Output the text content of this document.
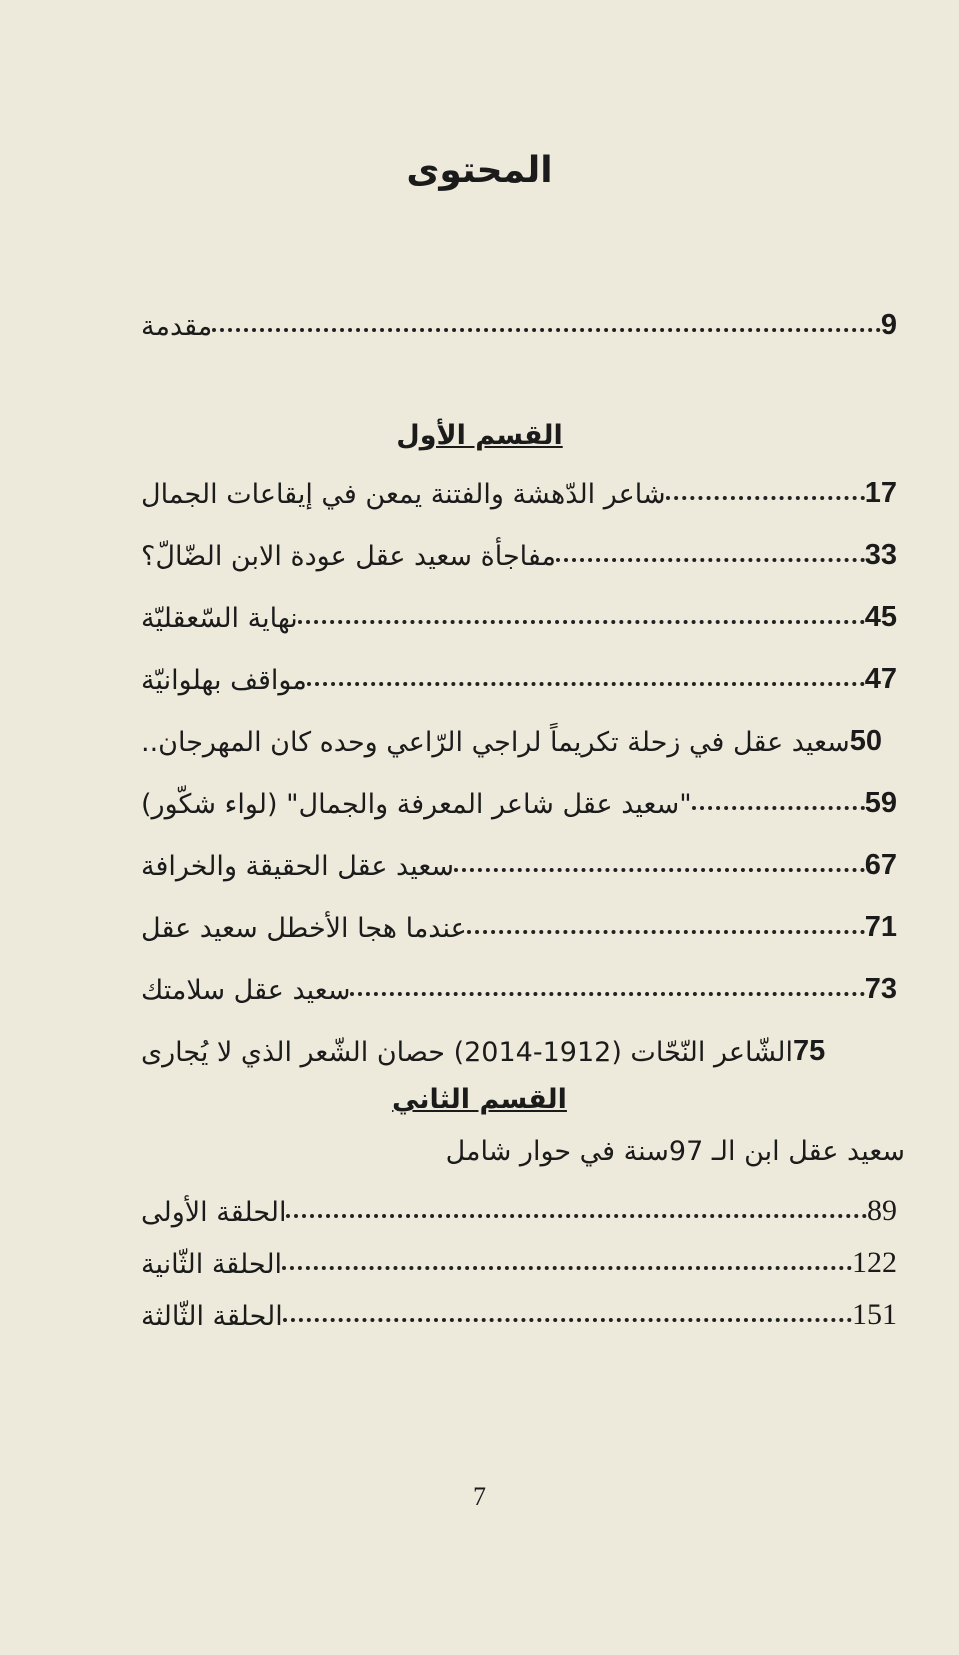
المحتوى
مقدمة	9
القسم الأول
شاعر الدّهشة والفتنة يمعن في إيقاعات الجمال	17
مفاجأة سعيد عقل عودة الابن الضّالّ؟	33
نهاية السّعقليّة	45
مواقف بهلوانيّة	47
سعيد عقل في زحلة تكريماً لراجي الرّاعي وحده كان المهرجان.. 50
"سعيد عقل شاعر المعرفة والجمال" (لواء شكّور)	59
سعيد عقل الحقيقة والخرافة	67
عندما هجا الأخطل سعيد عقل	71
سعيد عقل سلامتك	73
الشّاعر النّحّات (1912-2014) حصان الشّعر الذي لا يُجارى 75
القسم الثاني
سعيد عقل ابن الـ 97سنة في حوار شامل
الحلقة الأولى	89
الحلقة الثّانية	122
الحلقة الثّالثة	151
7
